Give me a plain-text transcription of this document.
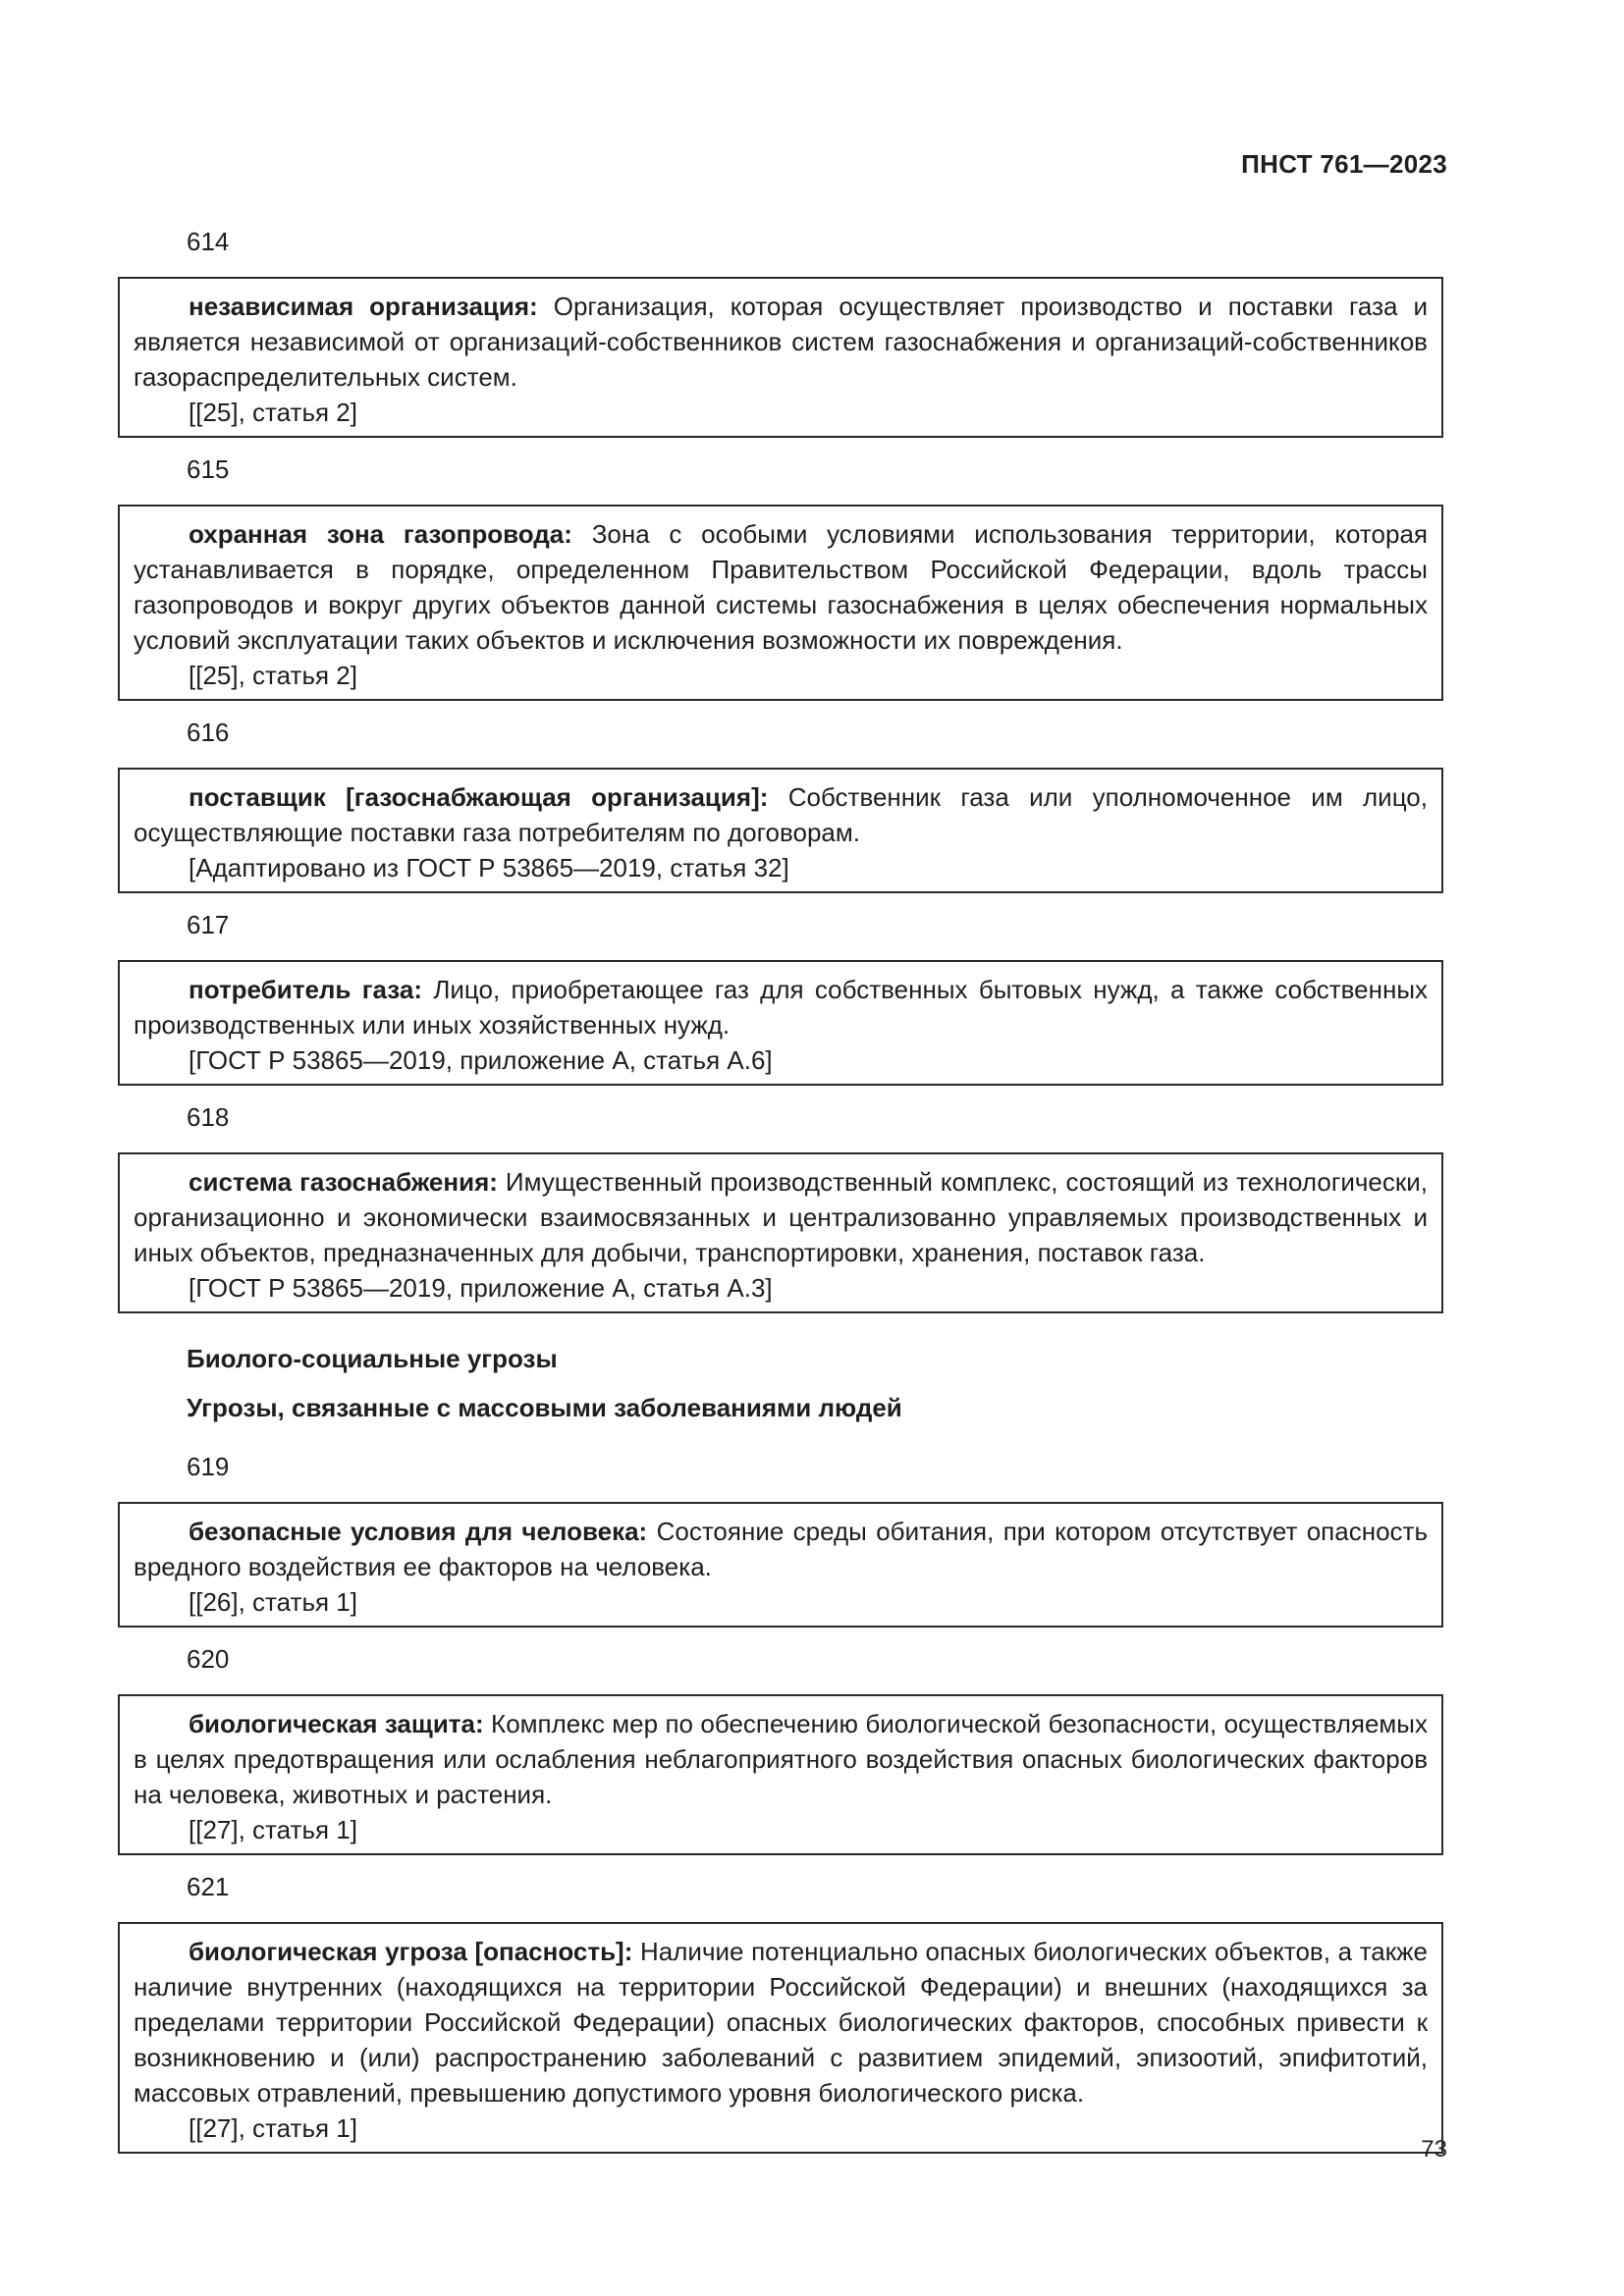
ПНСТ 761—2023
614

независимая организация: Организация, которая осуществляет производство и поставки газа и является независимой от организаций-собственников систем газоснабжения и организаций-собственников газораспределительных систем.

[[25], статья 2]

615

охранная зона газопровода: Зона с особыми условиями использования территории, которая устанавливается в порядке, определенном Правительством Российской Федерации, вдоль трассы газопроводов и вокруг других объектов данной системы газоснабжения в целях обеспечения нормальных условий эксплуатации таких объектов и исключения возможности их повреждения.

[[25], статья 2]

616

поставщик [газоснабжающая организация]: Собственник газа или уполномоченное им лицо, осуществляющие поставки газа потребителям по договорам.

[Адаптировано из ГОСТ Р 53865—2019, статья 32]

617

потребитель газа: Лицо, приобретающее газ для собственных бытовых нужд, а также собственных производственных или иных хозяйственных нужд.

[ГОСТ Р 53865—2019, приложение А, статья А.6]

618

система газоснабжения: Имущественный производственный комплекс, состоящий из технологически, организационно и экономически взаимосвязанных и централизованно управляемых производственных и иных объектов, предназначенных для добычи, транспортировки, хранения, поставок газа.

[ГОСТ Р 53865—2019, приложение А, статья А.3]

Биолого-социальные угрозы
Угрозы, связанные с массовыми заболеваниями людей
619

безопасные условия для человека: Состояние среды обитания, при котором отсутствует опасность вредного воздействия ее факторов на человека.

[[26], статья 1]

620

биологическая защита: Комплекс мер по обеспечению биологической безопасности, осуществляемых в целях предотвращения или ослабления неблагоприятного воздействия опасных биологических факторов на человека, животных и растения.

[[27], статья 1]

621

биологическая угроза [опасность]: Наличие потенциально опасных биологических объектов, а также наличие внутренних (находящихся на территории Российской Федерации) и внешних (находящихся за пределами территории Российской Федерации) опасных биологических факторов, способных привести к возникновению и (или) распространению заболеваний с развитием эпидемий, эпизоотий, эпифитотий, массовых отравлений, превышению допустимого уровня биологического риска.

[[27], статья 1]

73
